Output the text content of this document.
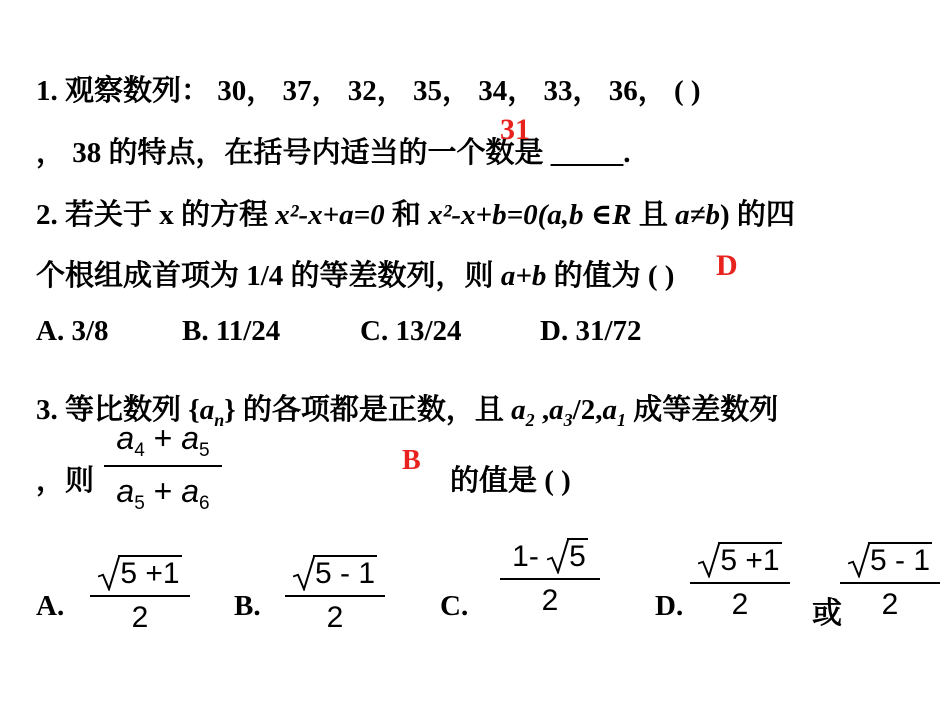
1. 观察数列： 30， 37， 32， 35， 34， 33， 36， ( )
， 38 的特点，在括号内适当的一个数是 _____.
31
2. 若关于 x 的方程 x²-x+a=0 和 x²-x+b=0(a,b ∈R 且 a≠b) 的四
个根组成首项为 1/4 的等差数列，则 a+b 的值为 ( ) D
A. 3/8	B. 11/24	C. 13/24	D. 31/72
3. 等比数列 $\{a_n\}$ 的各项都是正数，且 $a_2$ $,a_3/2,a_1$ 成等差数列
，则
$a_4 + a_5$
$a_5 + a_6$
B
的值是 ( )
A.
5 +1
2	B.
5 - 1
2	C.
1-
5
2	D.
5 +1
2	或
5 - 1
2
